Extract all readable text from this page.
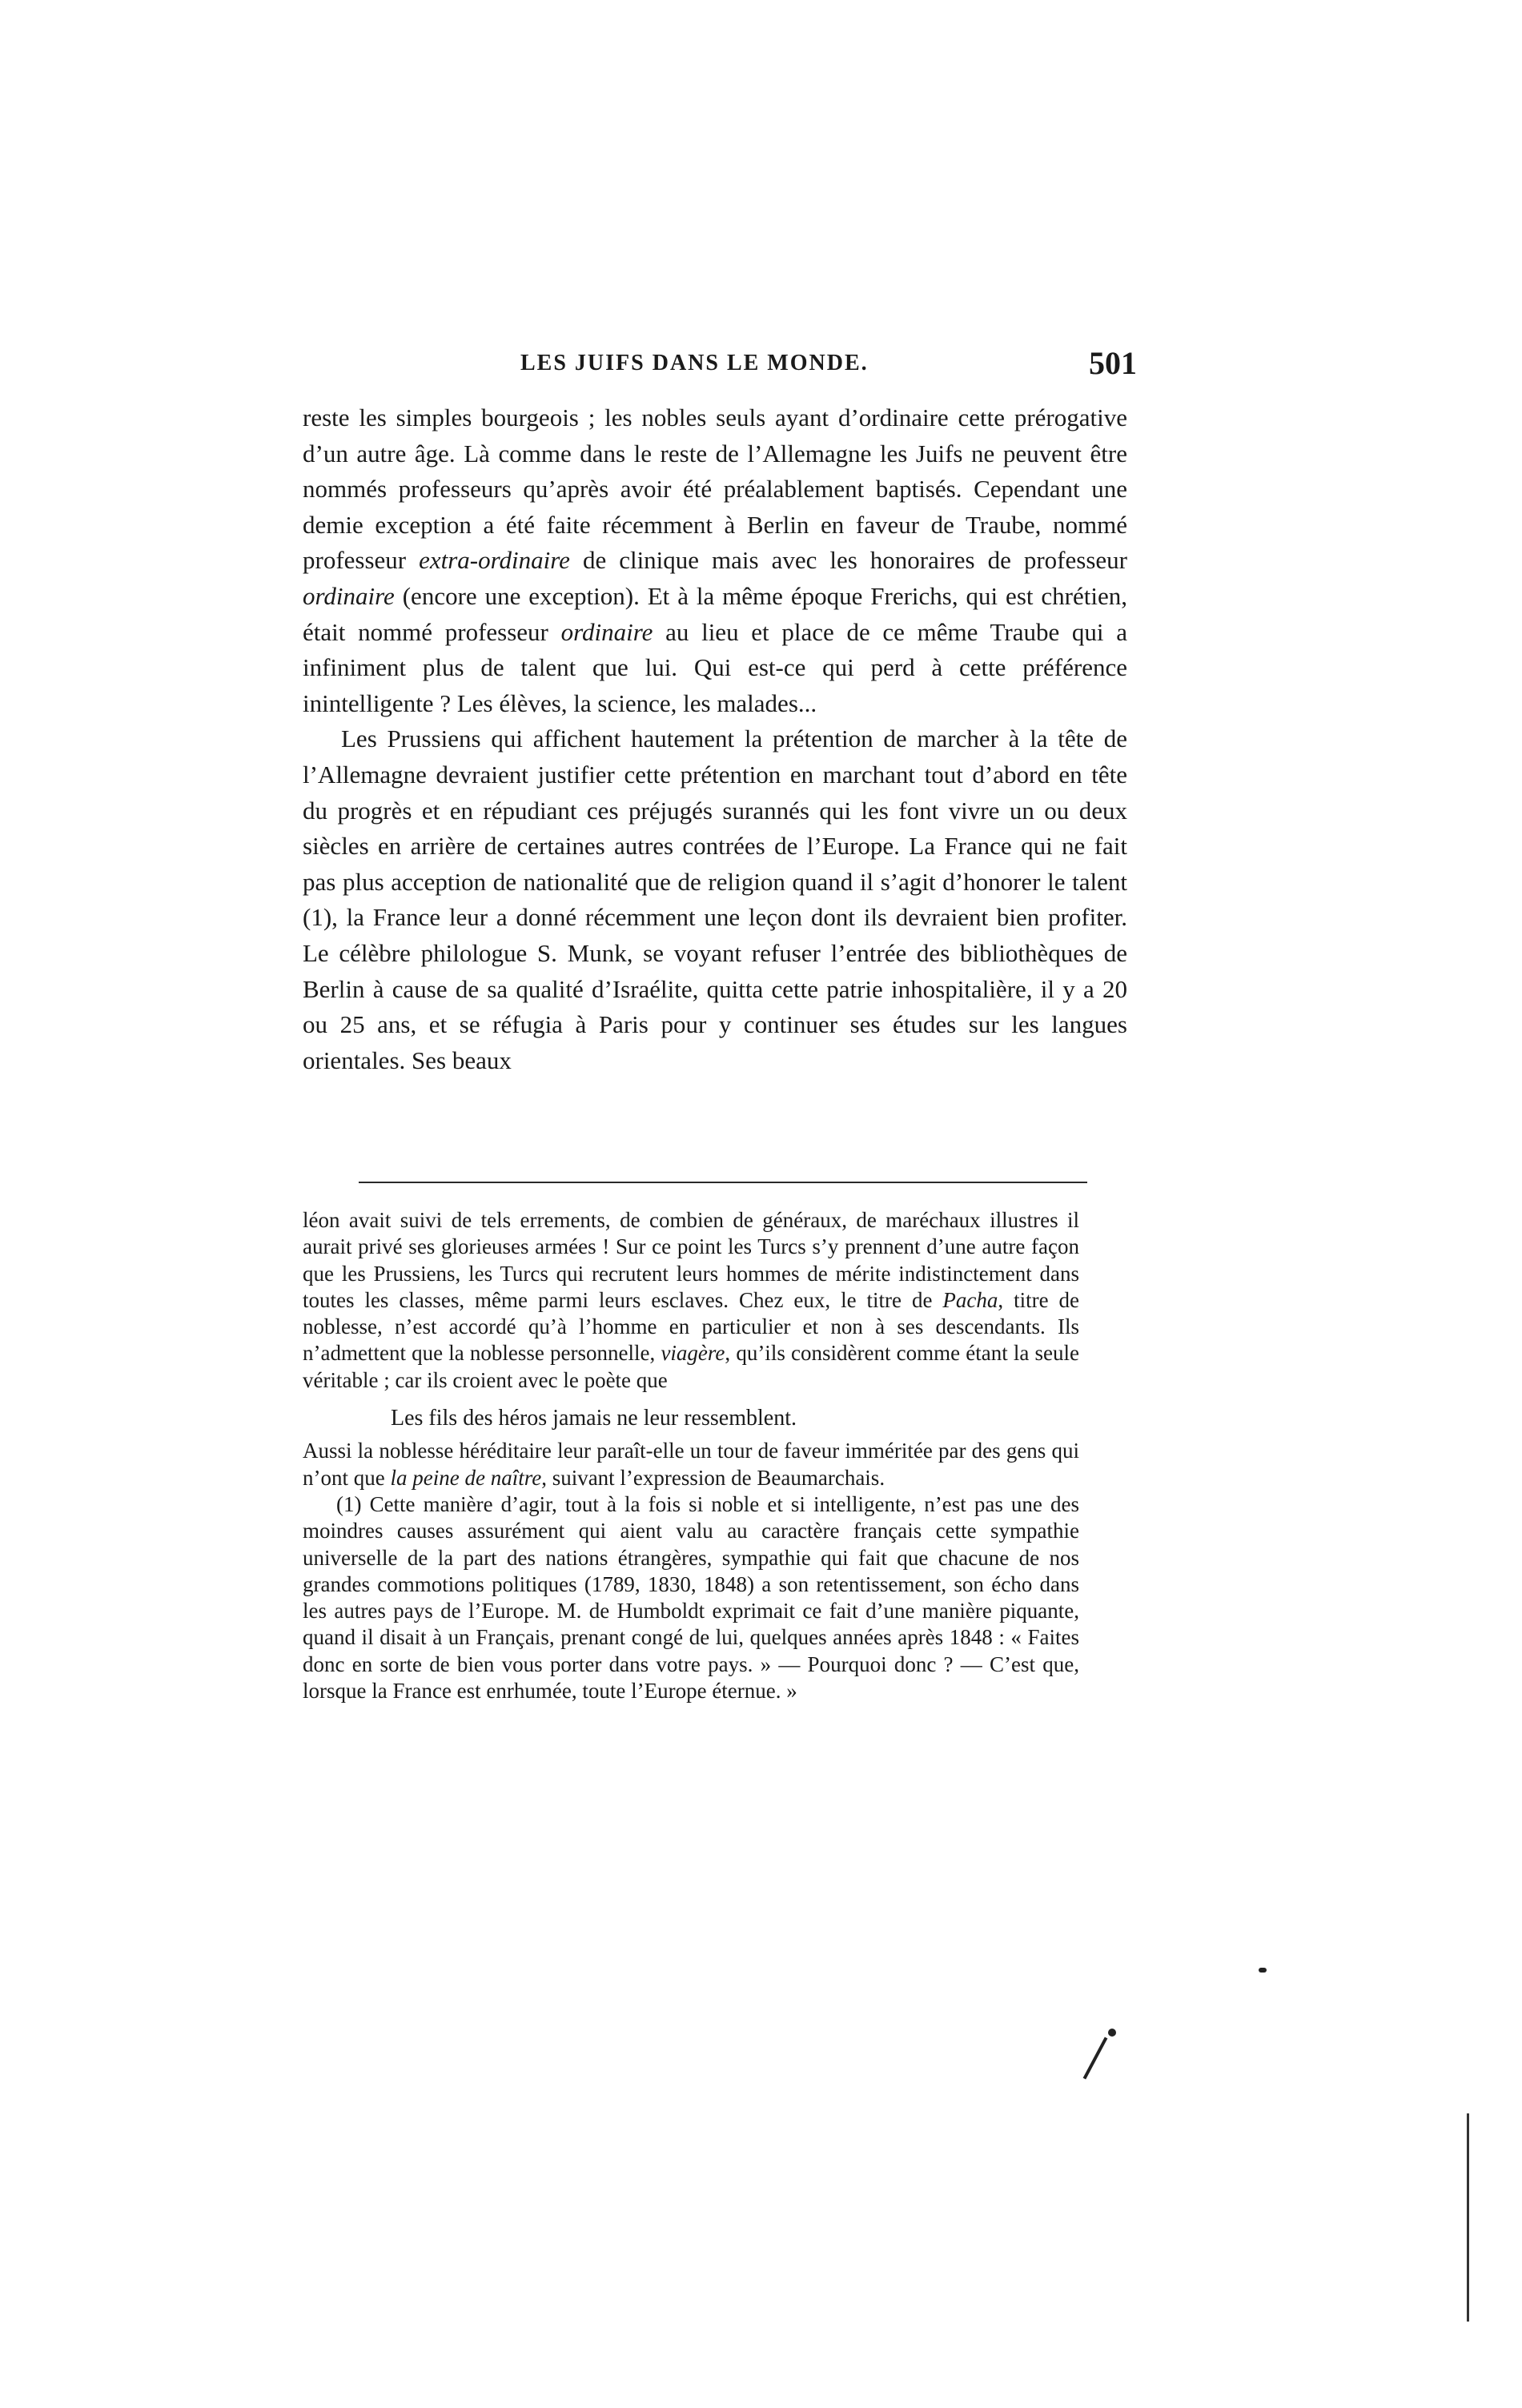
LES JUIFS DANS LE MONDE.	501

reste les simples bourgeois ; les nobles seuls ayant d’ordinaire cette prérogative d’un autre âge. Là comme dans le reste de l’Allemagne les Juifs ne peuvent être nommés professeurs qu’après avoir été préalablement baptisés. Cependant une demie exception a été faite récemment à Berlin en faveur de Traube, nommé professeur extra-ordinaire de clinique mais avec les honoraires de professeur ordinaire (encore une exception). Et à la même époque Frerichs, qui est chrétien, était nommé professeur ordinaire au lieu et place de ce même Traube qui a infiniment plus de talent que lui. Qui est-ce qui perd à cette préférence inintelligente ? Les élèves, la science, les malades...

Les Prussiens qui affichent hautement la prétention de marcher à la tête de l’Allemagne devraient justifier cette prétention en marchant tout d’abord en tête du progrès et en répudiant ces préjugés surannés qui les font vivre un ou deux siècles en arrière de certaines autres contrées de l’Europe. La France qui ne fait pas plus acception de nationalité que de religion quand il s’agit d’honorer le talent (1), la France leur a donné récemment une leçon dont ils devraient bien profiter. Le célèbre philologue S. Munk, se voyant refuser l’entrée des bibliothèques de Berlin à cause de sa qualité d’Israélite, quitta cette patrie inhospitalière, il y a 20 ou 25 ans, et se réfugia à Paris pour y continuer ses études sur les langues orientales. Ses beaux

léon avait suivi de tels errements, de combien de généraux, de maréchaux illustres il aurait privé ses glorieuses armées ! Sur ce point les Turcs s’y prennent d’une autre façon que les Prussiens, les Turcs qui recrutent leurs hommes de mérite indistinctement dans toutes les classes, même parmi leurs esclaves. Chez eux, le titre de Pacha, titre de noblesse, n’est accordé qu’à l’homme en particulier et non à ses descendants. Ils n’admettent que la noblesse personnelle, viagère, qu’ils considèrent comme étant la seule véritable ; car ils croient avec le poète que

Les fils des héros jamais ne leur ressemblent.

Aussi la noblesse héréditaire leur paraît-elle un tour de faveur imméritée par des gens qui n’ont que la peine de naître, suivant l’expression de Beaumarchais.

(1) Cette manière d’agir, tout à la fois si noble et si intelligente, n’est pas une des moindres causes assurément qui aient valu au caractère français cette sympathie universelle de la part des nations étrangères, sympathie qui fait que chacune de nos grandes commotions politiques (1789, 1830, 1848) a son retentissement, son écho dans les autres pays de l’Europe. M. de Humboldt exprimait ce fait d’une manière piquante, quand il disait à un Français, prenant congé de lui, quelques années après 1848 : « Faites donc en sorte de bien vous porter dans votre pays. » — Pourquoi donc ? — C’est que, lorsque la France est enrhumée, toute l’Europe éternue. »
